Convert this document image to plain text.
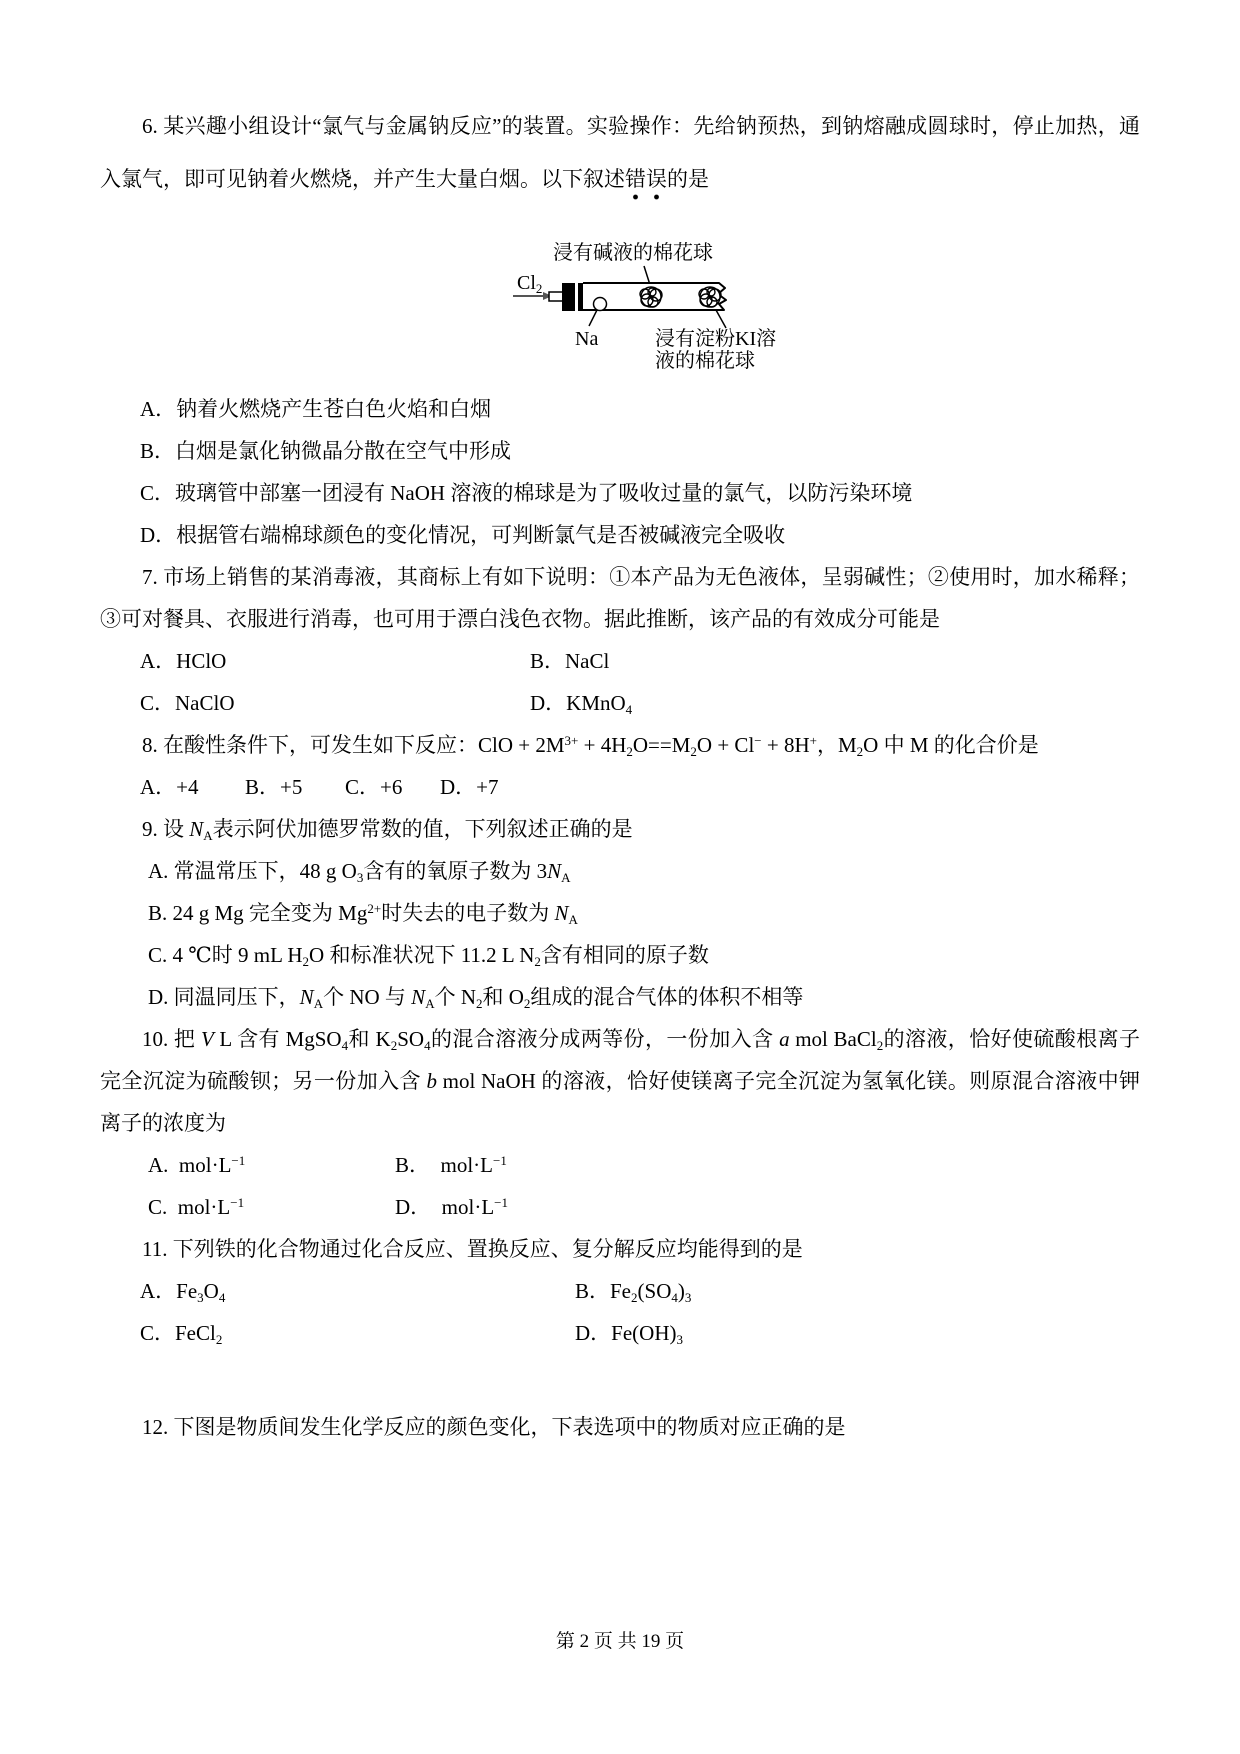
6. 某兴趣小组设计“氯气与金属钠反应”的装置。实验操作：先给钠预热，到钠熔融成圆球时，停止加热，通入氯气，即可见钠着火燃烧，并产生大量白烟。以下叙述错误的是

浸有碱液的棉花球
$Cl_2$
Na	浸有淀粉KI溶
液的棉花球

A．钠着火燃烧产生苍白色火焰和白烟

B．白烟是氯化钠微晶分散在空气中形成

C．玻璃管中部塞一团浸有 NaOH 溶液的棉球是为了吸收过量的氯气，以防污染环境

D．根据管右端棉球颜色的变化情况，可判断氯气是否被碱液完全吸收

7. 市场上销售的某消毒液，其商标上有如下说明：①本产品为无色液体，呈弱碱性；②使用时，加水稀释；③可对餐具、衣服进行消毒，也可用于漂白浅色衣物。据此推断，该产品的有效成分可能是

A．HClO	B．NaCl
C．NaClO	D．KMnO$_4$

8. 在酸性条件下，可发生如下反应：ClO + $2M^{3+} + 4H_2O==M_2O + Cl^- + 8H^+$，$M_2O$ 中 M 的化合价是

A．+4	B．+5	C．+6	D．+7

9. 设 $N_A$表示阿伏加德罗常数的值，下列叙述正确的是

A. 常温常压下，48 g $O_3$含有的氧原子数为 $3N_A$

B. 24 g Mg 完全变为 $Mg^{2+}$时失去的电子数为 $N_A$

C. 4 ℃时 9 mL $H_2O$ 和标准状况下 11.2 L $N_2$含有相同的原子数

D. 同温同压下，$N_A$个 NO 与 $N_A$个 $N_2$和 $O_2$组成的混合气体的体积不相等

10. 把 V L 含有 MgSO$_4$和 $K_2SO_4$的混合溶液分成两等份，一份加入含 a mol BaCl$_2$的溶液，恰好使硫酸根离子完全沉淀为硫酸钡；另一份加入含 b mol NaOH 的溶液，恰好使镁离子完全沉淀为氢氧化镁。则原混合溶液中钾离子的浓度为

A.  $mol\cdot L^{-1}$	B．  $mol\cdot L^{-1}$
C.  $mol\cdot L^{-1}$	D．  $mol\cdot L^{-1}$

11. 下列铁的化合物通过化合反应、置换反应、复分解反应均能得到的是

A．$Fe_3O_4$	B．$Fe_2(SO_4)_3$
C．FeCl$_2$	D．$Fe(OH)_3$

12. 下图是物质间发生化学反应的颜色变化，下表选项中的物质对应正确的是

第 2 页 共 19 页
